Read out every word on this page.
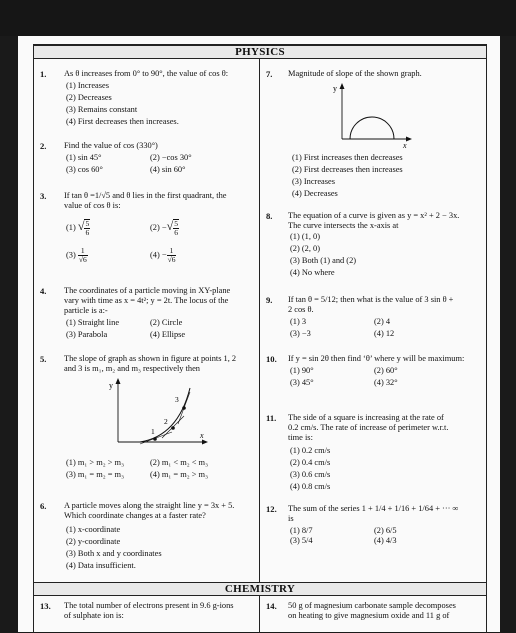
PHYSICS
1. As θ increases from 0° to 90°, the value of cos θ:
(1) Increases
(2) Decreases
(3) Remains constant
(4) First decreases then increases.
2. Find the value of cos (330°)
(1) sin 45°	(2) −cos 30°
(3) cos 60°	(4) sin 60°
3. If tan θ =1/√5 and θ lies in the first quadrant, the
value of cos θ is:
(1) √ $\frac{5}{6}$	(2) −√ $\frac{5}{6}$
$(3) \frac{1}{√6}$	$(4) - \frac{1}{√6}$
4. The coordinates of a particle moving in XY-plane
vary with time as x = 4t²; y = 2t. The locus of the
particle is a:-
(1) Straight line	(2) Circle
(3) Parabola	(4) Ellipse
5. The slope of graph as shown in figure at points 1, 2
and 3 is m₁, m₂ and m₃ respectively then
y
x
1
2
3
(1) m₁ > m₂ > m₃	(2) m₁ < m₂ < m₃
(3) m₁ = m₂ = m₃	(4) m₁ = m₂ > m₃
6. A particle moves along the straight line y = 3x + 5.
Which coordinate changes at a faster rate?
(1) x-coordinate
(2) y-coordinate
(3) Both x and y coordinates
(4) Data insufficient.
7. Magnitude of slope of the shown graph.
y
x
(1) First increases then decreases
(2) First decreases then increases
(3) Increases
(4) Decreases
8. The equation of a curve is given as y = x² + 2 − 3x.
The curve intersects the x-axis at
(1) (1, 0)
(2) (2, 0)
(3) Both (1) and (2)
(4) No where
9. If tan θ = 5/12; then what is the value of 3 sin θ +
2 cos θ.
(1) 3	(2) 4
(3) −3	(4) 12
10. If y = sin 2θ then find ‘θ’ where y will be maximum:
(1) 90°	(2) 60°
(3) 45°	(4) 32°
11. The side of a square is increasing at the rate of
0.2 cm/s. The rate of increase of perimeter w.r.t.
time is:
(1) 0.2 cm/s
(2) 0.4 cm/s
(3) 0.6 cm/s
(4) 0.8 cm/s
12. The sum of the series 1 + 1/4 + 1/16 + 1/64 + ··· ∞
is
(1) 8/7	(2) 6/5
(3) 5/4	(4) 4/3
CHEMISTRY
13. The total number of electrons present in 9.6 g-ions
of sulphate ion is:
14. 50 g of magnesium carbonate sample decomposes
on heating to give magnesium oxide and 11 g of
